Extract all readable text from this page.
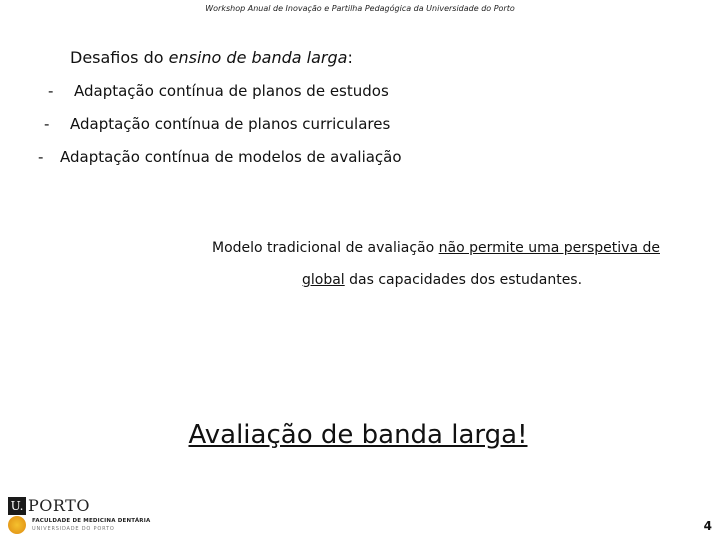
Workshop Anual de Inovação e Partilha Pedagógica da Universidade do Porto
Desafios do ensino de banda larga:
- Adaptação contínua de planos de estudos
- Adaptação contínua de planos curriculares
- Adaptação contínua de modelos de avaliação
Modelo tradicional de avaliação não permite uma perspetiva de
global das capacidades dos estudantes.
Avaliação de banda larga!
U. PORTO
FACULDADE DE MEDICINA DENTÁRIA
UNIVERSIDADE DO PORTO	4
